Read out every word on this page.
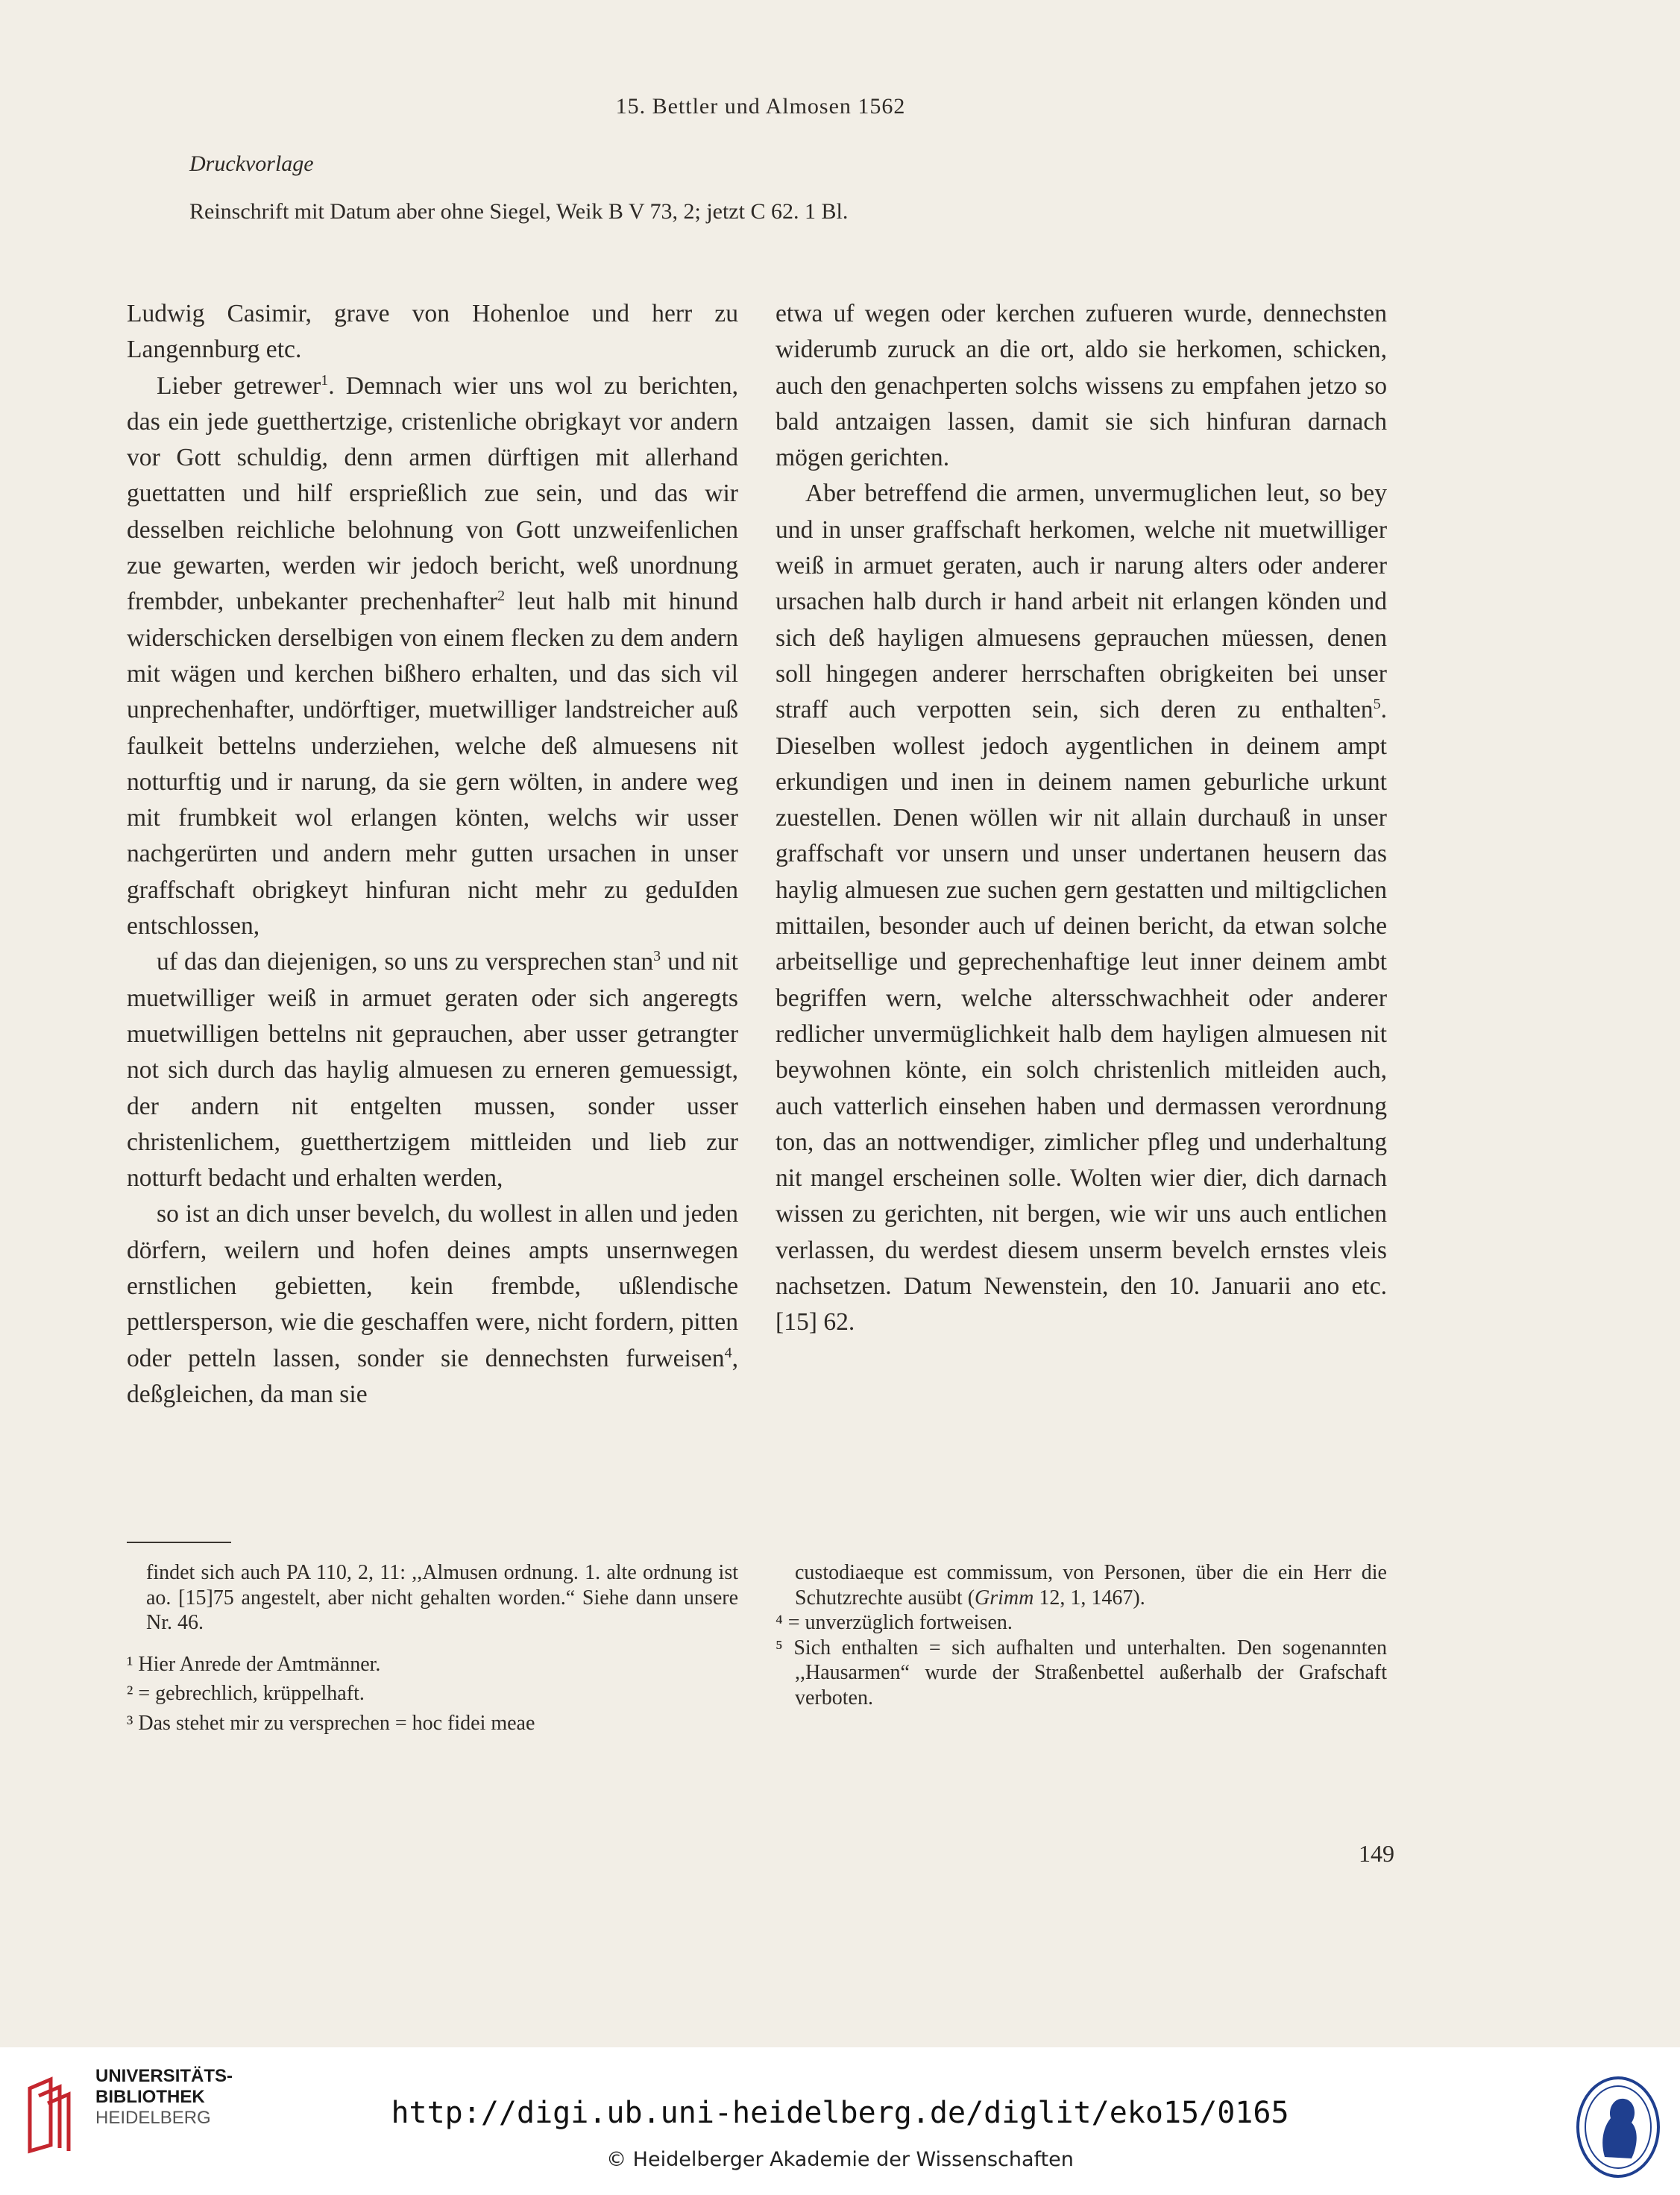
15. Bettler und Almosen 1562
Druckvorlage
Reinschrift mit Datum aber ohne Siegel, Weik B V 73, 2; jetzt C 62. 1 Bl.

Ludwig Casimir, grave von Hohenloe und herr zu Langennburg etc.

Lieber getrewer$^1$. Demnach wier uns wol zu berichten, das ein jede guetthertzige, cristenliche obrigkayt vor andern vor Gott schuldig, denn armen dürftigen mit allerhand guettatten und hilf ersprießlich zue sein, und das wir desselben reichliche belohnung von Gott unzweifenlichen zue gewarten, werden wir jedoch bericht, weß unordnung frembder, unbekanter prechenhafter$^2$ leut halb mit hinund widerschicken derselbigen von einem flecken zu dem andern mit wägen und kerchen bißhero erhalten, und das sich vil unprechenhafter, undörftiger, muetwilliger landstreicher auß faulkeit bettelns underziehen, welche deß almuesens nit notturftig und ir narung, da sie gern wölten, in andere weg mit frumbkeit wol erlangen könten, welchs wir usser nachgerürten und andern mehr gutten ursachen in unser graffschaft obrigkeyt hinfuran nicht mehr zu geduIden entschlossen,

uf das dan diejenigen, so uns zu versprechen stan$^3$ und nit muetwilliger weiß in armuet geraten oder sich angeregts muetwilligen bettelns nit geprauchen, aber usser getrangter not sich durch das haylig almuesen zu erneren gemuessigt, der andern nit entgelten mussen, sonder usser christenlichem, guetthertzigem mittleiden und lieb zur notturft bedacht und erhalten werden,

so ist an dich unser bevelch, du wollest in allen und jeden dörfern, weilern und hofen deines ampts unsernwegen ernstlichen gebietten, kein frembde, ußlendische pettlersperson, wie die geschaffen were, nicht fordern, pitten oder petteln lassen, sonder sie dennechsten furweisen$^4$, deßgleichen, da man sie

etwa uf wegen oder kerchen zufueren wurde, dennechsten widerumb zuruck an die ort, aldo sie herkomen, schicken, auch den genachperten solchs wissens zu empfahen jetzo so bald antzaigen lassen, damit sie sich hinfuran darnach mögen gerichten.

Aber betreffend die armen, unvermuglichen leut, so bey und in unser graffschaft herkomen, welche nit muetwilliger weiß in armuet geraten, auch ir narung alters oder anderer ursachen halb durch ir hand arbeit nit erlangen könden und sich deß hayligen almuesens geprauchen müessen, denen soll hingegen anderer herrschaften obrigkeiten bei unser straff auch verpotten sein, sich deren zu enthalten$^5$. Dieselben wollest jedoch aygentlichen in deinem ampt erkundigen und inen in deinem namen geburliche urkunt zuestellen. Denen wöllen wir nit allain durchauß in unser graffschaft vor unsern und unser undertanen heusern das haylig almuesen zue suchen gern gestatten und miltigclichen mittailen, besonder auch uf deinen bericht, da etwan solche arbeitsellige und geprechenhaftige leut inner deinem ambt begriffen wern, welche altersschwachheit oder anderer redlicher unvermüglichkeit halb dem hayligen almuesen nit beywohnen könte, ein solch christenlich mitleiden auch, auch vatterlich einsehen haben und dermassen verordnung ton, das an nottwendiger, zimlicher pfleg und underhaltung nit mangel erscheinen solle. Wolten wier dier, dich darnach wissen zu gerichten, nit bergen, wie wir uns auch entlichen verlassen, du werdest diesem unserm bevelch ernstes vleis nachsetzen. Datum Newenstein, den 10. Januarii ano etc. [15] 62.

findet sich auch PA 110, 2, 11: ,,Almusen ordnung. 1. alte ordnung ist ao. [15]75 angestelt, aber nicht gehalten worden.“ Siehe dann unsere Nr. 46.

¹ Hier Anrede der Amtmänner.

² = gebrechlich, krüppelhaft.

³ Das stehet mir zu versprechen = hoc fidei meae

custodiaeque est commissum, von Personen, über die ein Herr die Schutzrechte ausübt (Grimm 12, 1, 1467).

⁴ = unverzüglich fortweisen.

⁵ Sich enthalten = sich aufhalten und unterhalten. Den sogenannten ,,Hausarmen“ wurde der Straßenbettel außerhalb der Grafschaft verboten.

149
UNIVERSITÄTS-
BIBLIOTHEK
HEIDELBERG	http://digi.ub.uni-heidelberg.de/diglit/eko15/0165
© Heidelberger Akademie der Wissenschaften
